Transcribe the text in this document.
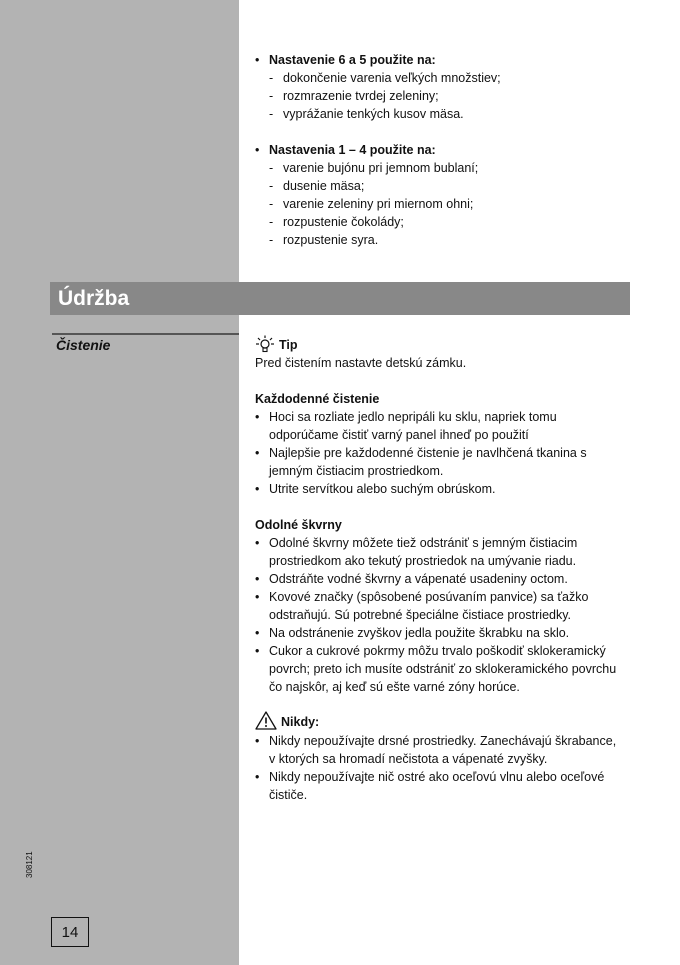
• Nastavenie 6 a 5 použite na:
- dokončenie varenia veľkých množstiev;
- rozmrazenie tvrdej zeleniny;
- vyprážanie tenkých kusov mäsa.
• Nastavenia 1 – 4 použite na:
- varenie bujónu pri jemnom bublaní;
- dusenie mäsa;
- varenie zeleniny pri miernom ohni;
- rozpustenie čokolády;
- rozpustenie syra.
Údržba
Čistenie	Tip

Pred čistením nastavte detskú zámku.

Každodenné čistenie
• Hoci sa rozliate jedlo nepripáli ku sklu, napriek tomu
odporúčame čistiť varný panel ihneď po použití
• Najlepšie pre každodenné čistenie je navlhčená tkanina s
jemným čistiacim prostriedkom.
• Utrite servítkou alebo suchým obrúskom.
Odolné škvrny
• Odolné škvrny môžete tiež odstrániť s jemným čistiacim
prostriedkom ako tekutý prostriedok na umývanie riadu.
• Odstráňte vodné škvrny a vápenaté usadeniny octom.
• Kovové značky (spôsobené posúvaním panvice) sa ťažko
odstraňujú. Sú potrebné špeciálne čistiace prostriedky.
• Na odstránenie zvyškov jedla použite škrabku na sklo.
• Cukor a cukrové pokrmy môžu trvalo poškodiť sklokeramický
povrch; preto ich musíte odstrániť zo sklokeramického povrchu
čo najskôr, aj keď sú ešte varné zóny horúce.
Nikdy:
• Nikdy nepoužívajte drsné prostriedky. Zanechávajú škrabance,
v ktorých sa hromadí nečistota a vápenaté zvyšky.
• Nikdy nepoužívajte nič ostré ako oceľovú vlnu alebo oceľové
čističe.
308121
14
